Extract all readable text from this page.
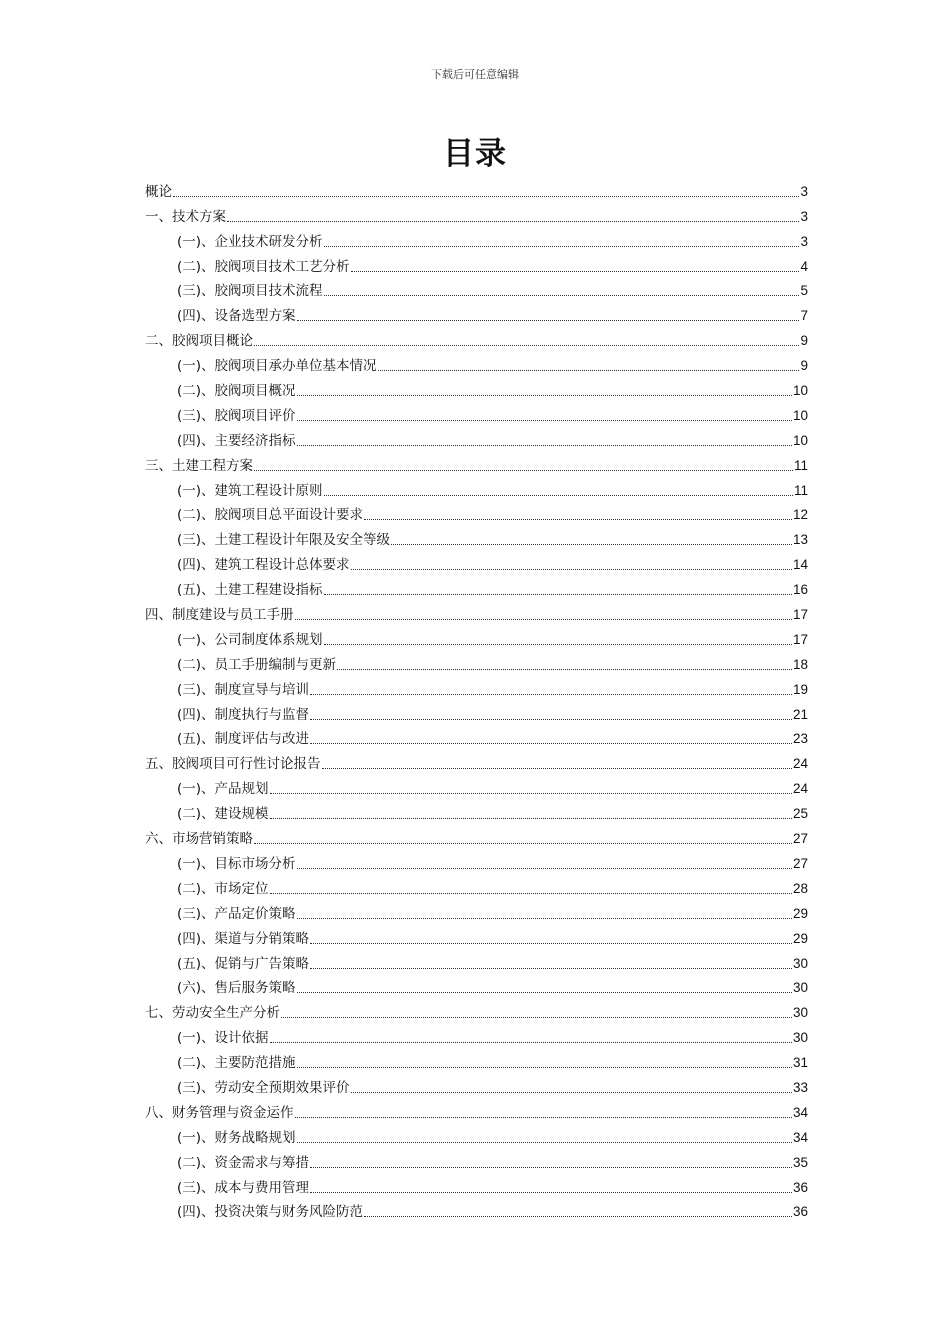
下载后可任意编辑
目录
概论	3
一、技术方案	3
(一)、企业技术研发分析	3
(二)、胶阀项目技术工艺分析	4
(三)、胶阀项目技术流程	5
(四)、设备选型方案	7
二、胶阀项目概论	9
(一)、胶阀项目承办单位基本情况	9
(二)、胶阀项目概况	10
(三)、胶阀项目评价	10
(四)、主要经济指标	10
三、土建工程方案	11
(一)、建筑工程设计原则	11
(二)、胶阀项目总平面设计要求	12
(三)、土建工程设计年限及安全等级	13
(四)、建筑工程设计总体要求	14
(五)、土建工程建设指标	16
四、制度建设与员工手册	17
(一)、公司制度体系规划	17
(二)、员工手册编制与更新	18
(三)、制度宣导与培训	19
(四)、制度执行与监督	21
(五)、制度评估与改进	23
五、胶阀项目可行性讨论报告	24
(一)、产品规划	24
(二)、建设规模	25
六、市场营销策略	27
(一)、目标市场分析	27
(二)、市场定位	28
(三)、产品定价策略	29
(四)、渠道与分销策略	29
(五)、促销与广告策略	30
(六)、售后服务策略	30
七、劳动安全生产分析	30
(一)、设计依据	30
(二)、主要防范措施	31
(三)、劳动安全预期效果评价	33
八、财务管理与资金运作	34
(一)、财务战略规划	34
(二)、资金需求与筹措	35
(三)、成本与费用管理	36
(四)、投资决策与财务风险防范	36
